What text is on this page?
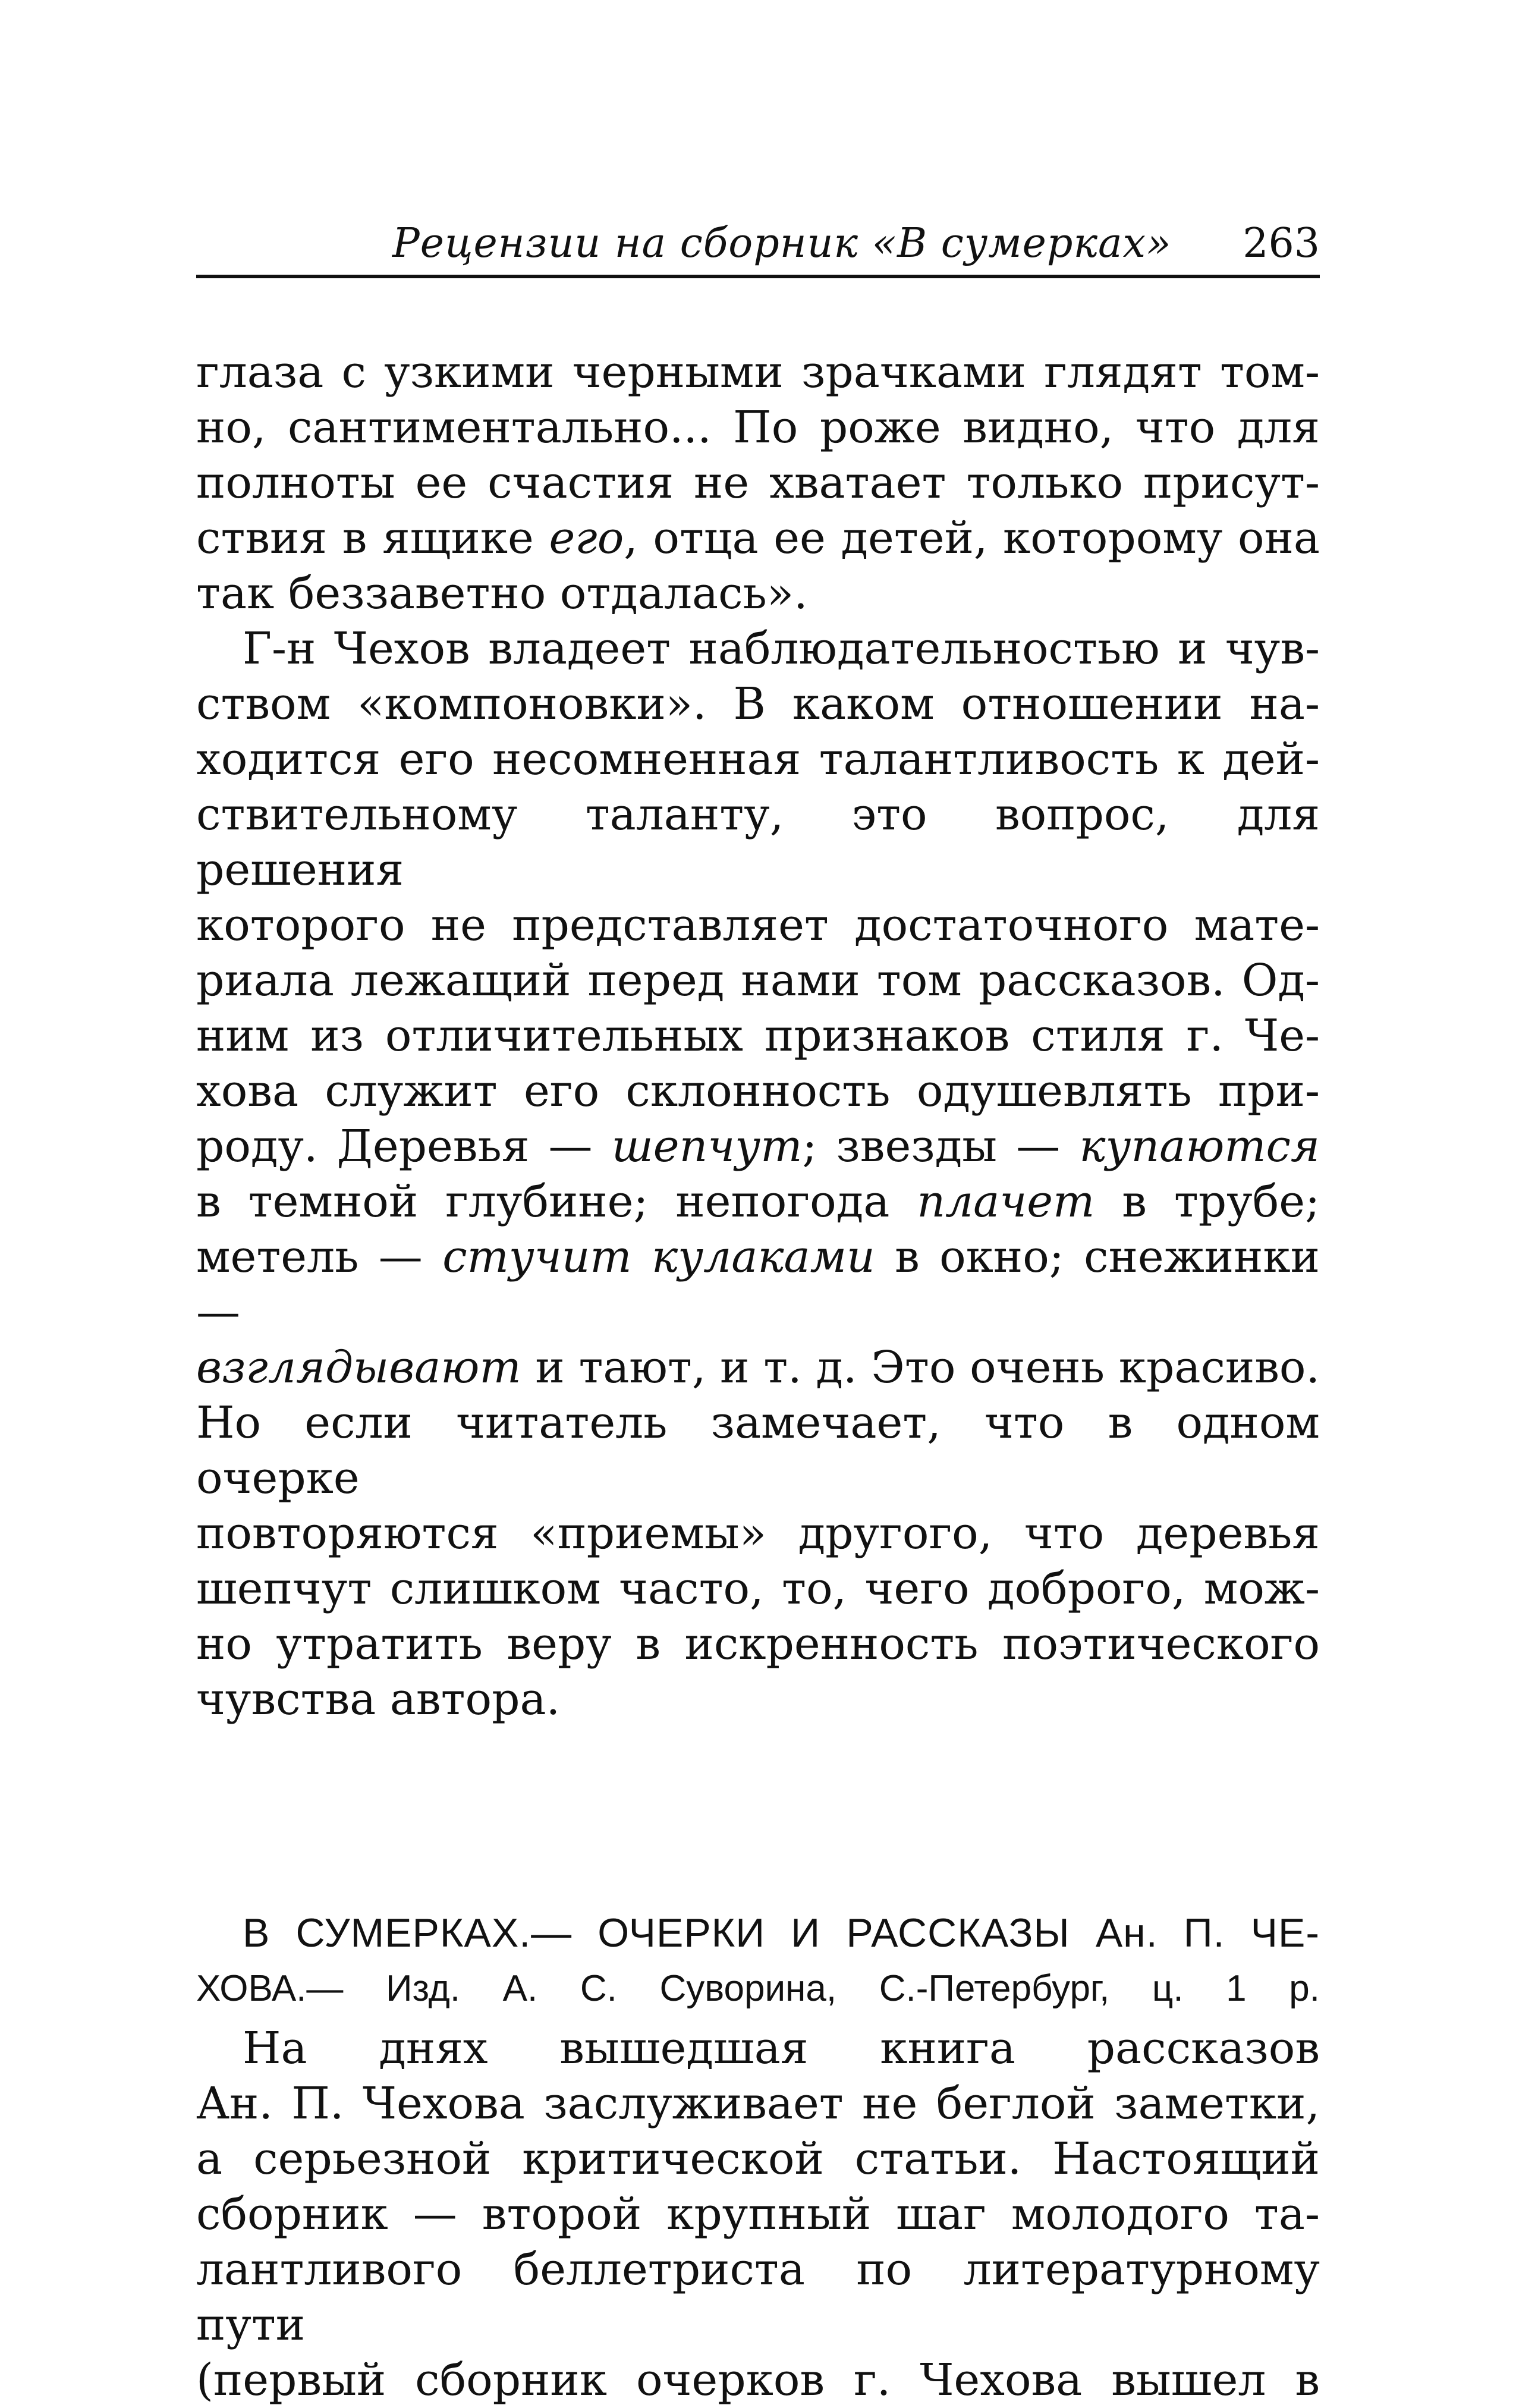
Рецензии на сборник «В сумерках» 263

глаза с узкими черными зрачками глядят том-
но, сантиментально... По роже видно, что для
полноты ее счастия не хватает только присут-
ствия в ящике его, отца ее детей, которому она
так беззаветно отдалась».

Г-н Чехов владеет наблюдательностью и чув-
ством «компоновки». В каком отношении на-
ходится его несомненная талантливость к дей-
ствительному таланту, это вопрос, для решения
которого не представляет достаточного мате-
риала лежащий перед нами том рассказов. Од-
ним из отличительных признаков стиля г. Че-
хова служит его склонность одушевлять при-
роду. Деревья — шепчут; звезды — купаются
в темной глубине; непогода плачет в трубе;
метель — стучит кулаками в окно; снежинки —
взглядывают и тают, и т. д. Это очень красиво.
Но если читатель замечает, что в одном очерке
повторяются «приемы» другого, что деревья
шепчут слишком часто, то, чего доброго, мож-
но утратить веру в искренность поэтического
чувства автора.

В СУМЕРКАХ.— ОЧЕРКИ И РАССКАЗЫ Ан. П. ЧЕ-

ХОВА.— Изд. А. С. Суворина, С.-Петербург, ц. 1 р.

На днях вышедшая книга рассказов
Ан. П. Чехова заслуживает не беглой заметки,
а серьезной критической статьи. Настоящий
сборник — второй крупный шаг молодого та-
лантливого беллетриста по литературному пути
(первый сборник очерков г. Чехова вышел в
